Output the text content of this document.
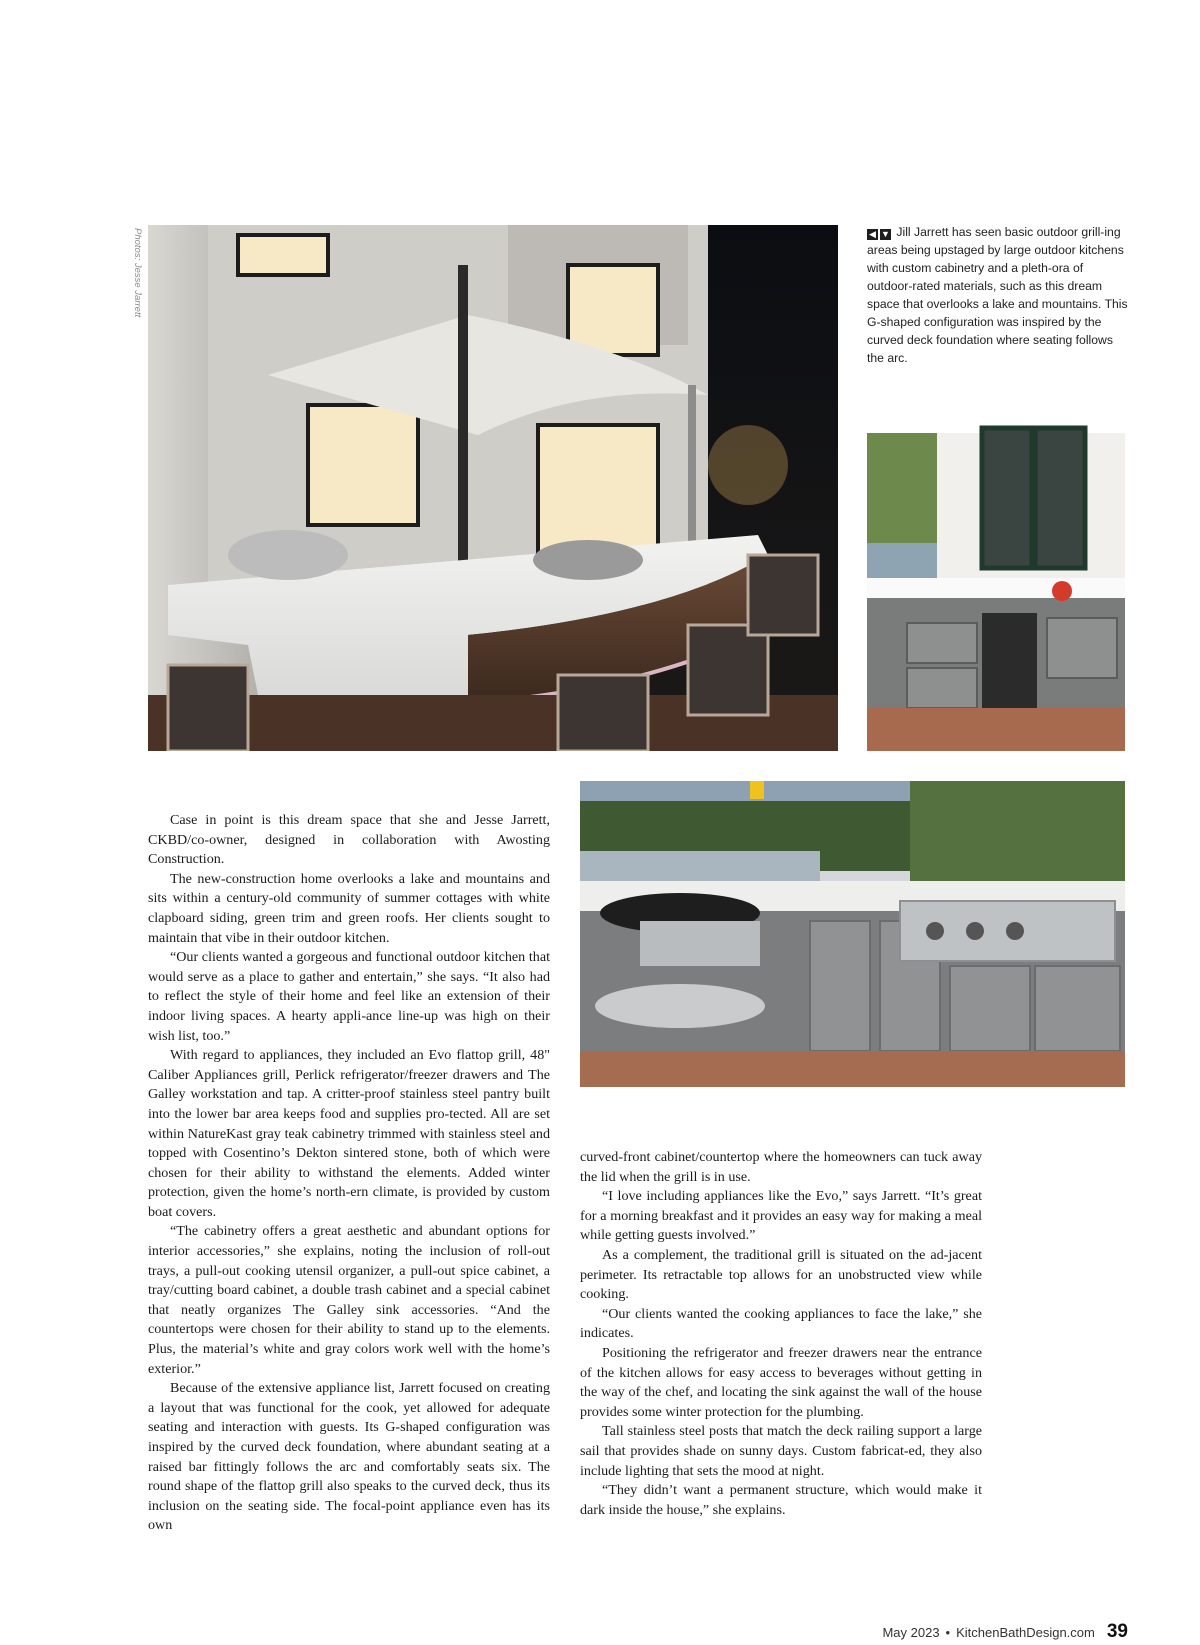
Photos: Jesse Jarrett	◀ ▼ Jill Jarrett has seen basic outdoor grill-ing areas being upstaged by large outdoor kitchens with custom cabinetry and a pleth-ora of outdoor-rated materials, such as this dream space that overlooks a lake and mountains. This G-shaped configuration was inspired by the curved deck foundation where seating follows the arc.

Case in point is this dream space that she and Jesse Jarrett, CKBD/co-owner, designed in collaboration with Awosting Construction.

The new-construction home overlooks a lake and mountains and sits within a century-old community of summer cottages with white clapboard siding, green trim and green roofs. Her clients sought to maintain that vibe in their outdoor kitchen.

“Our clients wanted a gorgeous and functional outdoor kitchen that would serve as a place to gather and entertain,” she says. “It also had to reflect the style of their home and feel like an extension of their indoor living spaces. A hearty appli-ance line-up was high on their wish list, too.”

With regard to appliances, they included an Evo flattop grill, 48" Caliber Appliances grill, Perlick refrigerator/freezer drawers and The Galley workstation and tap. A critter-proof stainless steel pantry built into the lower bar area keeps food and supplies pro-tected. All are set within NatureKast gray teak cabinetry trimmed with stainless steel and topped with Cosentino’s Dekton sintered stone, both of which were chosen for their ability to withstand the elements. Added winter protection, given the home’s north-ern climate, is provided by custom boat covers.

“The cabinetry offers a great aesthetic and abundant options for interior accessories,” she explains, noting the inclusion of roll-out trays, a pull-out cooking utensil organizer, a pull-out spice cabinet, a tray/cutting board cabinet, a double trash cabinet and a special cabinet that neatly organizes The Galley sink accessories. “And the countertops were chosen for their ability to stand up to the elements. Plus, the material’s white and gray colors work well with the home’s exterior.”

Because of the extensive appliance list, Jarrett focused on creating a layout that was functional for the cook, yet allowed for adequate seating and interaction with guests. Its G-shaped configuration was inspired by the curved deck foundation, where abundant seating at a raised bar fittingly follows the arc and comfortably seats six. The round shape of the flattop grill also speaks to the curved deck, thus its inclusion on the seating side. The focal-point appliance even has its own

curved-front cabinet/countertop where the homeowners can tuck away the lid when the grill is in use.

“I love including appliances like the Evo,” says Jarrett. “It’s great for a morning breakfast and it provides an easy way for making a meal while getting guests involved.”

As a complement, the traditional grill is situated on the ad-jacent perimeter. Its retractable top allows for an unobstructed view while cooking.

“Our clients wanted the cooking appliances to face the lake,” she indicates.

Positioning the refrigerator and freezer drawers near the entrance of the kitchen allows for easy access to beverages without getting in the way of the chef, and locating the sink against the wall of the house provides some winter protection for the plumbing.

Tall stainless steel posts that match the deck railing support a large sail that provides shade on sunny days. Custom fabricat-ed, they also include lighting that sets the mood at night.

“They didn’t want a permanent structure, which would make it dark inside the house,” she explains.

May 2023 • KitchenBathDesign.com 39
